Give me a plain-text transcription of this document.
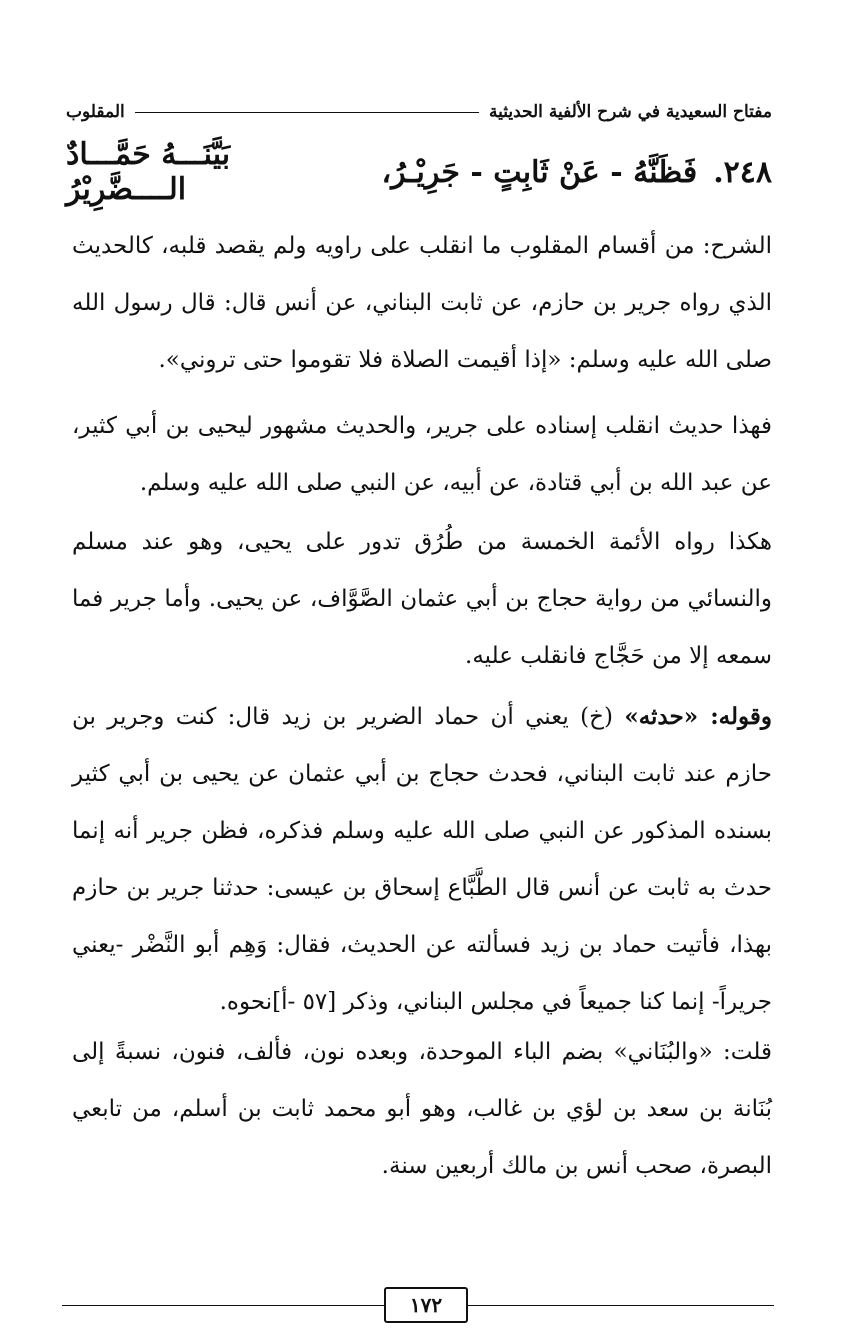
مفتاح السعيدية في شرح الألفية الحديثية
المقلوب
٢٤٨.
فَظَنَّهُ - عَنْ ثَابِتٍ - جَرِيْـرُ،
بَيَّنَـــهُ حَمَّـــادٌ الــــضَّرِيْرُ

الشرح: من أقسام المقلوب ما انقلب على راويه ولم يقصد قلبه، كالحديث الذي رواه جرير بن حازم، عن ثابت البناني، عن أنس قال: قال رسول الله صلى الله عليه وسلم: «إذا أقيمت الصلاة فلا تقوموا حتى تروني».

فهذا حديث انقلب إسناده على جرير، والحديث مشهور ليحيى بن أبي كثير، عن عبد الله بن أبي قتادة، عن أبيه، عن النبي صلى الله عليه وسلم.

هكذا رواه الأئمة الخمسة من طُرُق تدور على يحيى، وهو عند مسلم والنسائي من رواية حجاج بن أبي عثمان الصَّوَّاف، عن يحيى. وأما جرير فما سمعه إلا من حَجَّاج فانقلب عليه.

وقوله: «حدثه» (خ) يعني أن حماد الضرير بن زيد قال: كنت وجرير بن حازم عند ثابت البناني، فحدث حجاج بن أبي عثمان عن يحيى بن أبي كثير بسنده المذكور عن النبي صلى الله عليه وسلم فذكره، فظن جرير أنه إنما حدث به ثابت عن أنس قال الطَّبَّاع إسحاق بن عيسى: حدثنا جرير بن حازم بهذا، فأتيت حماد بن زيد فسألته عن الحديث، فقال: وَهِم أبو النَّضْر -يعني جريراً- إنما كنا جميعاً في مجلس البناني، وذكر [٥٧ -أ]نحوه.

قلت: «والبُنَاني» بضم الباء الموحدة، وبعده نون، فألف، فنون، نسبةً إلى بُنَانة بن سعد بن لؤي بن غالب، وهو أبو محمد ثابت بن أسلم، من تابعي البصرة، صحب أنس بن مالك أربعين سنة.

١٧٢
